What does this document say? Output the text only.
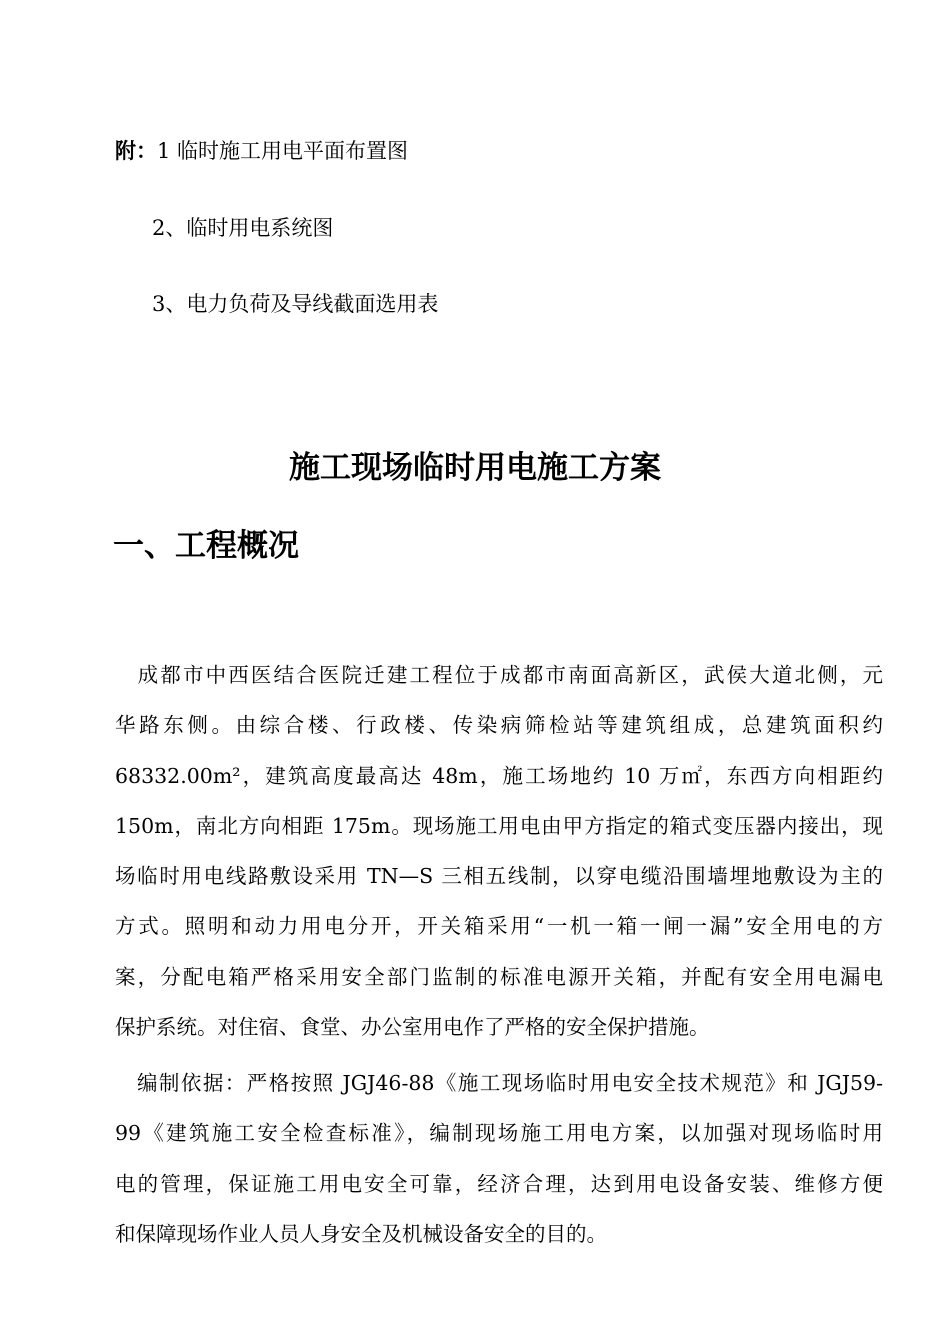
附：1 临时施工用电平面布置图
2、临时用电系统图
3、电力负荷及导线截面选用表
施工现场临时用电施工方案
一、工程概况
　成都市中西医结合医院迁建工程位于成都市南面高新区，武侯大道北侧，元
华路东侧。由综合楼、行政楼、传染病筛检站等建筑组成，总建筑面积约
68332.00m²，建筑高度最高达 48m，施工场地约 10 万㎡，东西方向相距约
150m，南北方向相距 175m。现场施工用电由甲方指定的箱式变压器内接出，现
场临时用电线路敷设采用 TN—S 三相五线制，以穿电缆沿围墙埋地敷设为主的
方式。照明和动力用电分开，开关箱采用“一机一箱一闸一漏”安全用电的方
案，分配电箱严格采用安全部门监制的标准电源开关箱，并配有安全用电漏电
保护系统。对住宿、食堂、办公室用电作了严格的安全保护措施。
　编制依据：严格按照 JGJ46-88《施工现场临时用电安全技术规范》和 JGJ59-
99《建筑施工安全检查标准》，编制现场施工用电方案，以加强对现场临时用
电的管理，保证施工用电安全可靠，经济合理，达到用电设备安装、维修方便
和保障现场作业人员人身安全及机械设备安全的目的。
